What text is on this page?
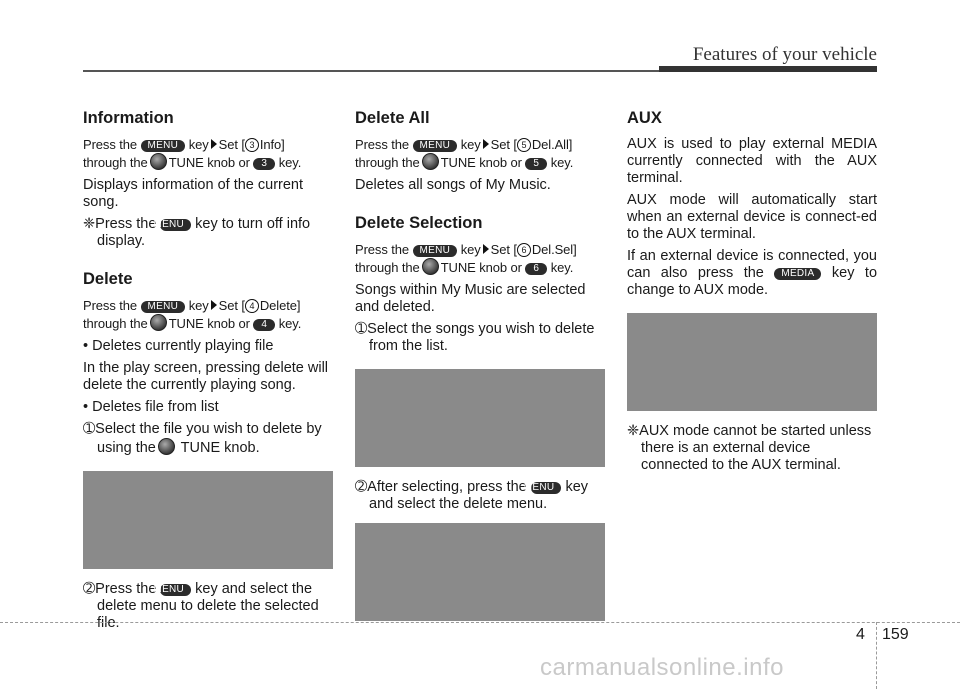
Features of your vehicle
Information

Press the MENU key Set [ 3 Info]

through the TUNE knob or 3 key.

Displays information of the current song.

❈Press the MENU key to turn off info display.

Delete

Press the MENU key Set [ 4 Delete]

through the TUNE knob or 4 key.

• Deletes currently playing file

In the play screen, pressing delete will delete the currently playing song.

• Deletes file from list

➀Select the file you wish to delete by using the TUNE knob.

➁Press the MENU key and select the delete menu to delete the selected file.

Delete All

Press the MENU key Set [ 5 Del.All]

through the TUNE knob or 5 key.

Deletes all songs of My Music.

Delete Selection

Press the MENU key Set [ 6 Del.Sel]

through the TUNE knob or 6 key.

Songs within My Music are selected and deleted.

➀Select the songs you wish to delete from the list.

➁After selecting, press the MENU key and select the delete menu.

AUX

AUX is used to play external MEDIA currently connected with the AUX terminal.

AUX mode will automatically start when an external device is connect-ed to the AUX terminal.

If an external device is connected, you can also press the MEDIA key to change to AUX mode.

❈AUX mode cannot be started unless there is an external device connected to the AUX terminal.

4 159
carmanualsonline.info
